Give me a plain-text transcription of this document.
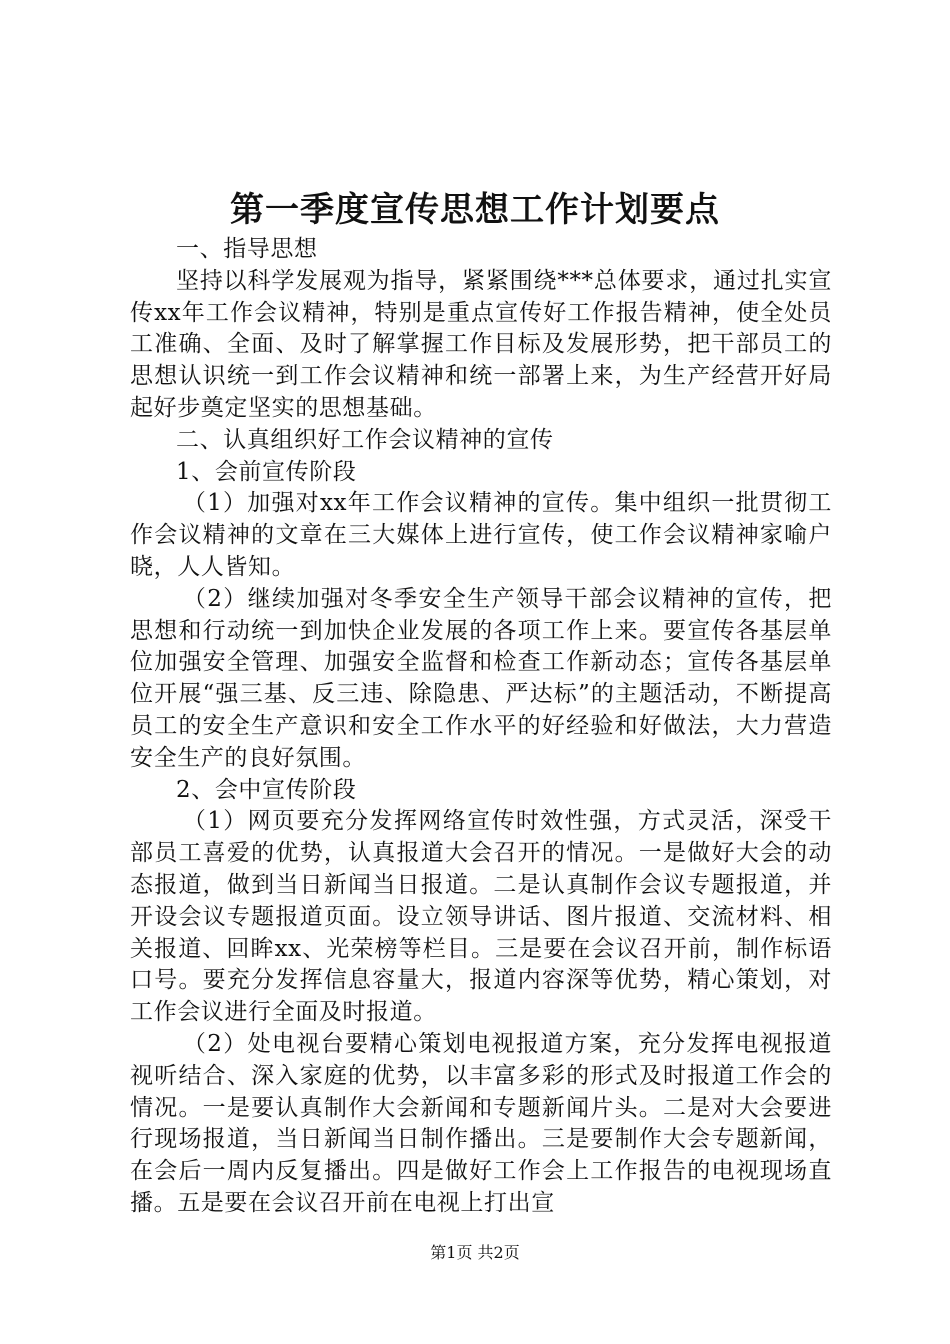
第一季度宣传思想工作计划要点

一、指导思想

坚持以科学发展观为指导，紧紧围绕***总体要求，通过扎实宣传xx年工作会议精神，特别是重点宣传好工作报告精神，使全处员工准确、全面、及时了解掌握工作目标及发展形势，把干部员工的思想认识统一到工作会议精神和统一部署上来，为生产经营开好局起好步奠定坚实的思想基础。

二、认真组织好工作会议精神的宣传

1、会前宣传阶段

（1）加强对xx年工作会议精神的宣传。集中组织一批贯彻工作会议精神的文章在三大媒体上进行宣传，使工作会议精神家喻户晓，人人皆知。

（2）继续加强对冬季安全生产领导干部会议精神的宣传，把思想和行动统一到加快企业发展的各项工作上来。要宣传各基层单位加强安全管理、加强安全监督和检查工作新动态；宣传各基层单位开展“强三基、反三违、除隐患、严达标”的主题活动，不断提高员工的安全生产意识和安全工作水平的好经验和好做法，大力营造安全生产的良好氛围。

2、会中宣传阶段

（1）网页要充分发挥网络宣传时效性强，方式灵活，深受干部员工喜爱的优势，认真报道大会召开的情况。一是做好大会的动态报道，做到当日新闻当日报道。二是认真制作会议专题报道，并开设会议专题报道页面。设立领导讲话、图片报道、交流材料、相关报道、回眸xx、光荣榜等栏目。三是要在会议召开前，制作标语口号。要充分发挥信息容量大，报道内容深等优势，精心策划，对工作会议进行全面及时报道。

（2）处电视台要精心策划电视报道方案，充分发挥电视报道视听结合、深入家庭的优势，以丰富多彩的形式及时报道工作会的情况。一是要认真制作大会新闻和专题新闻片头。二是对大会要进行现场报道，当日新闻当日制作播出。三是要制作大会专题新闻，在会后一周内反复播出。四是做好工作会上工作报告的电视现场直播。五是要在会议召开前在电视上打出宣

第1页 共2页
